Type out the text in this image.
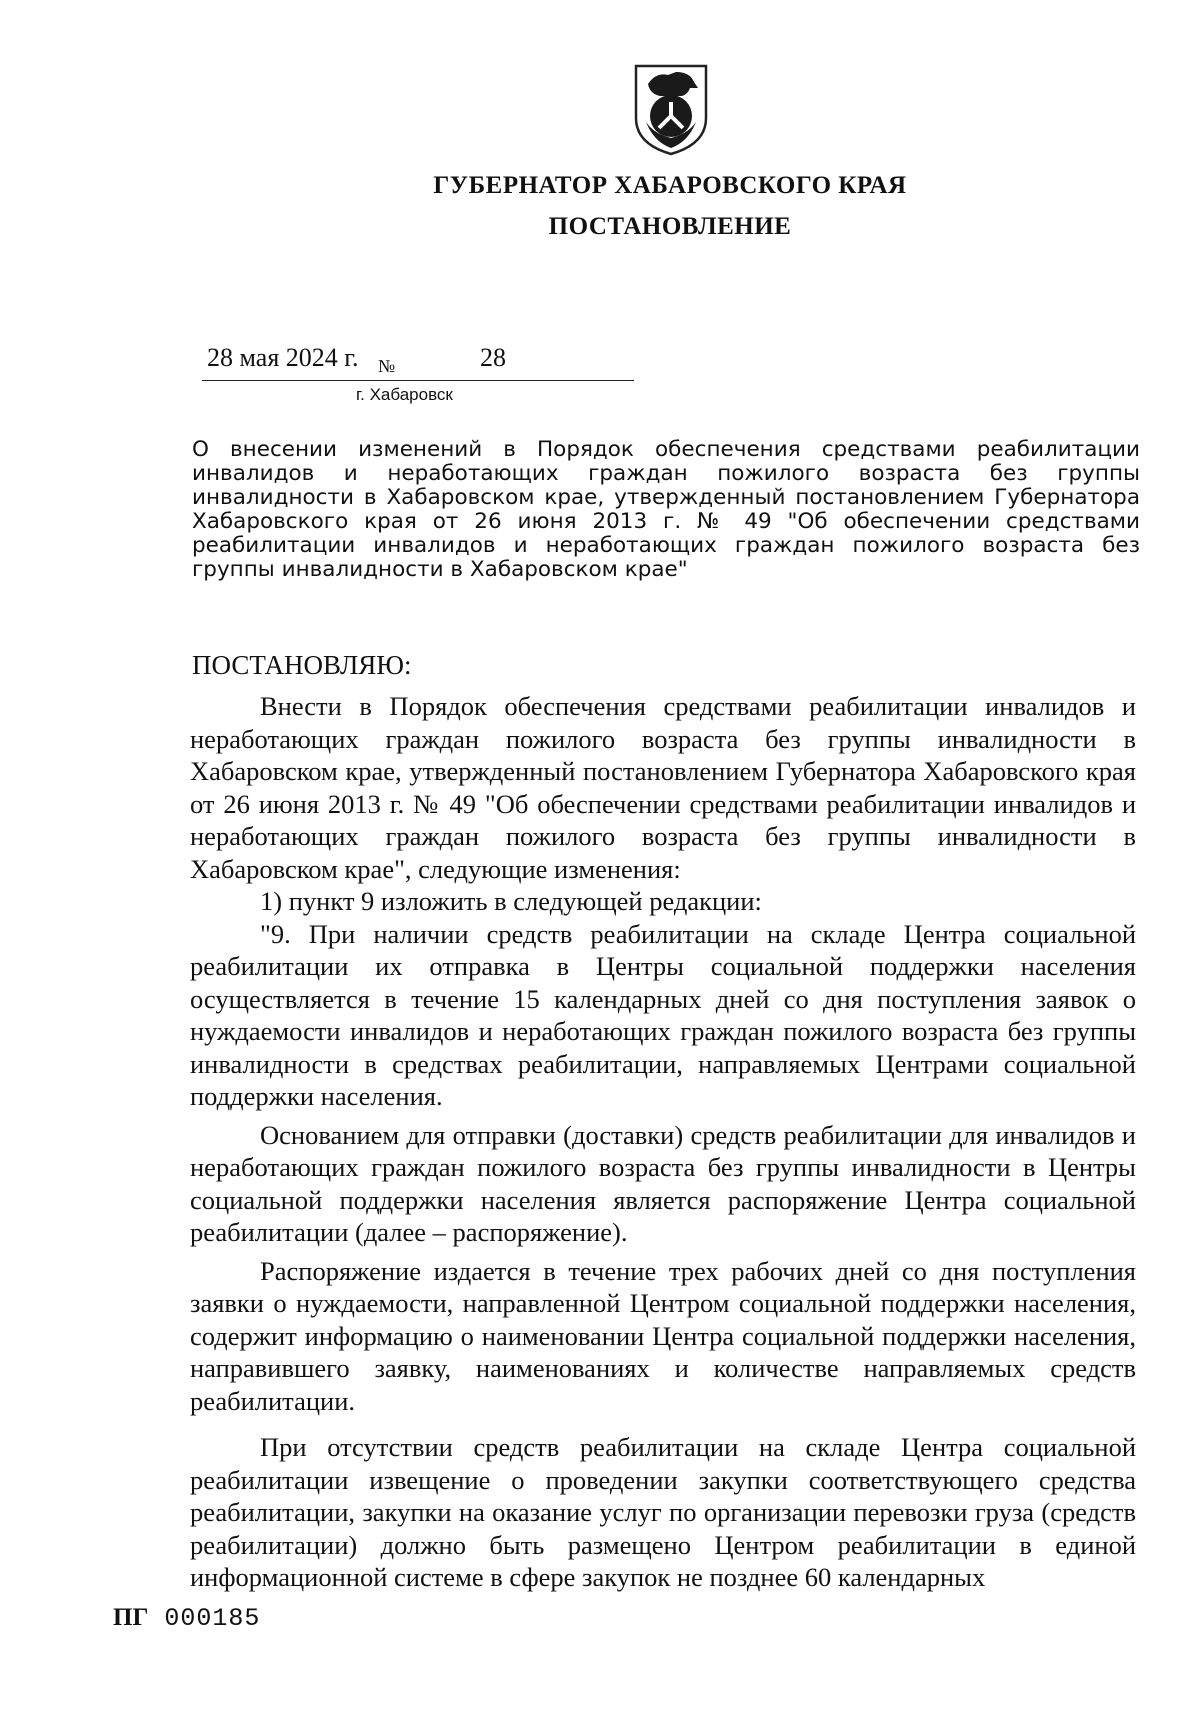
ГУБЕРНАТОР ХАБАРОВСКОГО КРАЯ
ПОСТАНОВЛЕНИЕ
28 мая 2024 г. №	28
г. Хабаровск
О внесении изменений в Порядок обеспечения средствами реабилитации инвалидов и неработающих граждан пожилого возраста без группы инвалидности в Хабаровском крае, утвержденный постановлением Губернатора Хабаровского края от 26 июня 2013 г. № 49 "Об обеспечении средствами реабилитации инвалидов и неработающих граждан пожилого возраста без группы инвалидности в Хабаровском крае"
ПОСТАНОВЛЯЮ:

Внести в Порядок обеспечения средствами реабилитации инвалидов и неработающих граждан пожилого возраста без группы инвалидности в Хабаровском крае, утвержденный постановлением Губернатора Хабаровского края от 26 июня 2013 г. № 49 "Об обеспечении средствами реабилитации инвалидов и неработающих граждан пожилого возраста без группы инвалидности в Хабаровском крае", следующие изменения:

1) пункт 9 изложить в следующей редакции:

"9. При наличии средств реабилитации на складе Центра социальной реабилитации их отправка в Центры социальной поддержки населения осуществляется в течение 15 календарных дней со дня поступления заявок о нуждаемости инвалидов и неработающих граждан пожилого возраста без группы инвалидности в средствах реабилитации, направляемых Центрами социальной поддержки населения.

Основанием для отправки (доставки) средств реабилитации для инвалидов и неработающих граждан пожилого возраста без группы инвалидности в Центры социальной поддержки населения является распоряжение Центра социальной реабилитации (далее – распоряжение).

Распоряжение издается в течение трех рабочих дней со дня поступления заявки о нуждаемости, направленной Центром социальной поддержки населения, содержит информацию о наименовании Центра социальной поддержки населения, направившего заявку, наименованиях и количестве направляемых средств реабилитации.

При отсутствии средств реабилитации на складе Центра социальной реабилитации извещение о проведении закупки соответствующего средства реабилитации, закупки на оказание услуг по организации перевозки груза (средств реабилитации) должно быть размещено Центром реабилитации в единой информационной системе в сфере закупок не позднее 60 календарных

ПГ 000185
